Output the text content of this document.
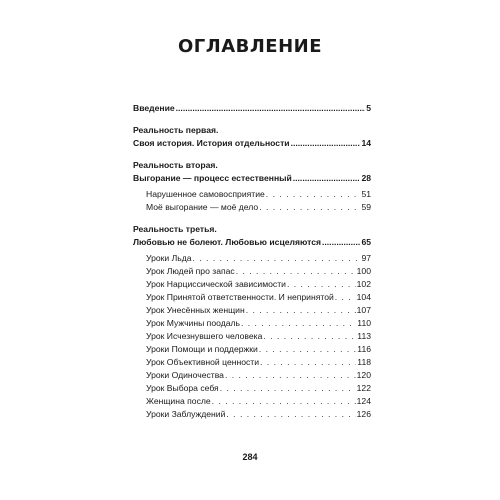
ОГЛАВЛЕНИЕ
Введение .....	5
Реальность первая.
Своя история. История отдельности .....	14
Реальность вторая.
Выгорание — процесс естественный .....	28
Нарушенное самовосприятие . . .	51
Моё выгорание — моё дело . . .	59
Реальность третья.
Любовью не болеют. Любовью исцеляются .....	65
Уроки Льда . . .	97
Урок Людей про запас . . .	100
Урок Нарциссической зависимости . . .	102
Урок Принятой ответственности. И непринятой . . .	104
Урок Унесённых женщин . . .	107
Урок Мужчины поодаль . . .	110
Урок Исчезнувшего человека . . .	113
Уроки Помощи и поддержки . . .	116
Урок Объективной ценности . . .	118
Уроки Одиночества . . .	120
Урок Выбора себя . . .	122
Женщина после . . .	124
Уроки Заблуждений . . .	126
284
